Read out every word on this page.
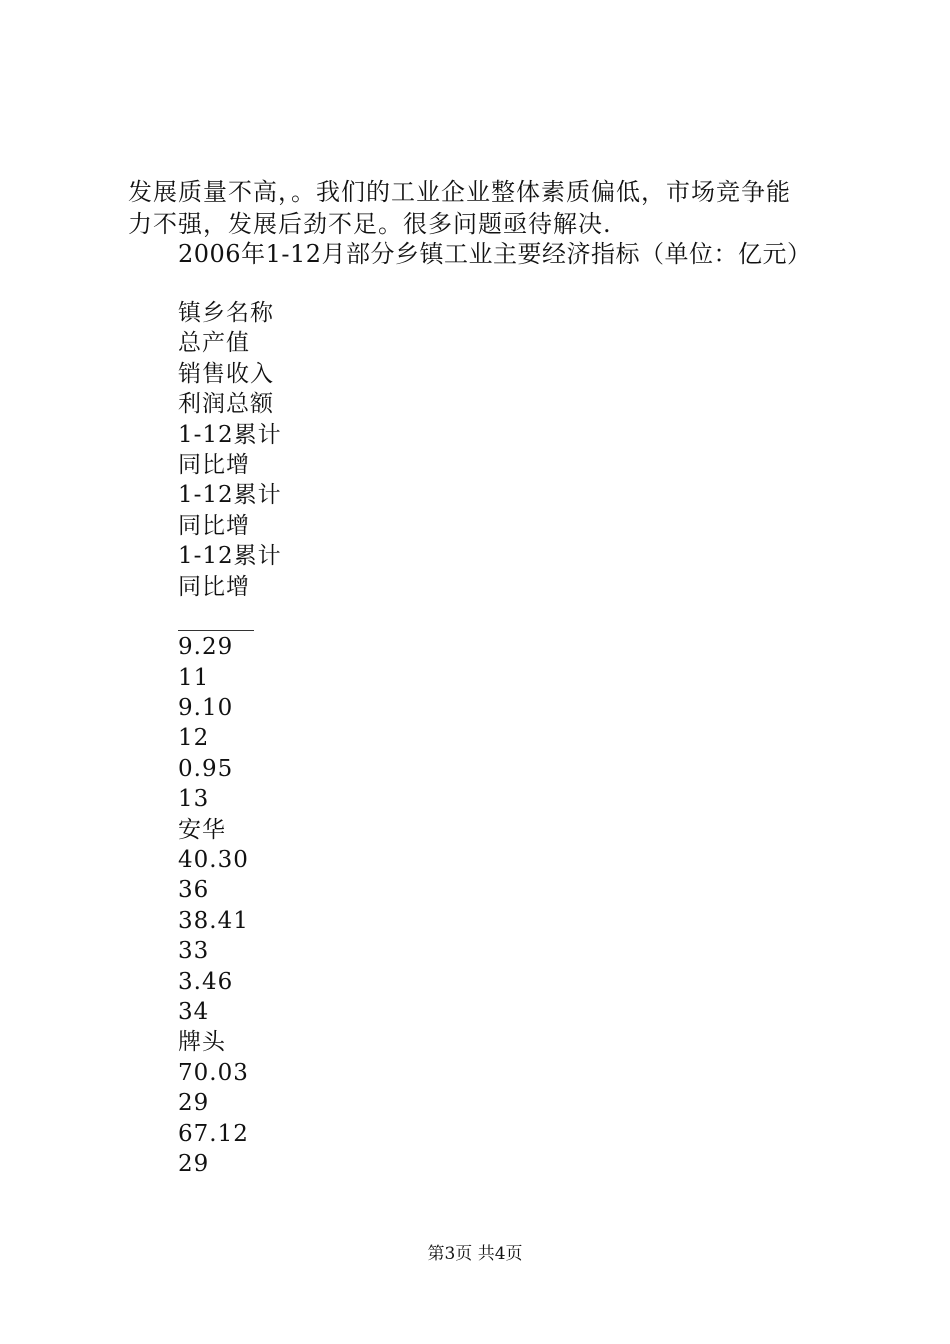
发展质量不高，。我们的工业企业整体素质偏低，市场竞争能
力不强，发展后劲不足。很多问题亟待解决.

2006年1-12月部分乡镇工业主要经济指标（单位：亿元）

镇乡名称
总产值
销售收入
利润总额
1-12累计
同比增
1-12累计
同比增
1-12累计
同比增
9.29
11
9.10
12
0.95
13
安华
40.30
36
38.41
33
3.46
34
牌头
70.03
29
67.12
29

第3页 共4页
